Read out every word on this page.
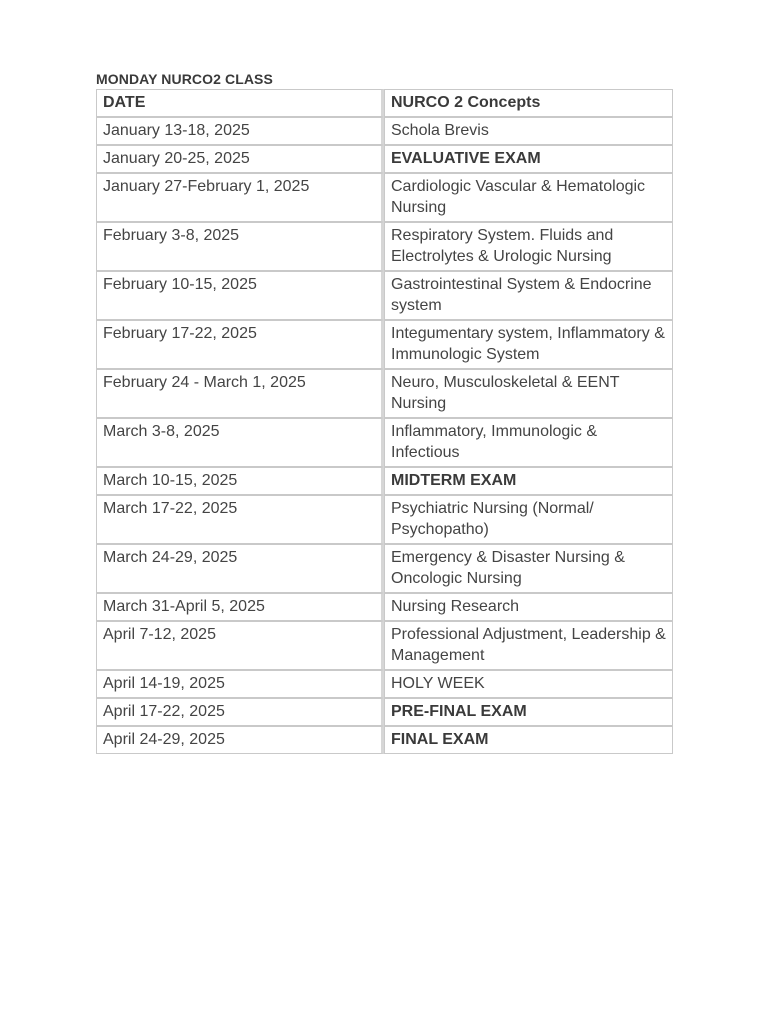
MONDAY NURCO2 CLASS
DATE	NURCO 2 Concepts
January 13-18, 2025	Schola Brevis
January 20-25, 2025	EVALUATIVE EXAM
January 27-February 1, 2025	Cardiologic Vascular & Hematologic Nursing
February 3-8, 2025	Respiratory System. Fluids and Electrolytes & Urologic Nursing
February 10-15, 2025	Gastrointestinal System & Endocrine system
February 17-22, 2025	Integumentary system, Inflammatory & Immunologic System
February 24 - March 1, 2025	Neuro, Musculoskeletal & EENT Nursing
March 3-8, 2025	Inflammatory, Immunologic & Infectious
March 10-15, 2025	MIDTERM EXAM
March 17-22, 2025	Psychiatric Nursing (Normal/ Psychopatho)
March 24-29, 2025	Emergency & Disaster Nursing & Oncologic Nursing
March 31-April 5, 2025	Nursing Research
April 7-12, 2025	Professional Adjustment, Leadership & Management
April 14-19, 2025	HOLY WEEK
April 17-22, 2025	PRE-FINAL EXAM
April 24-29, 2025	FINAL EXAM
